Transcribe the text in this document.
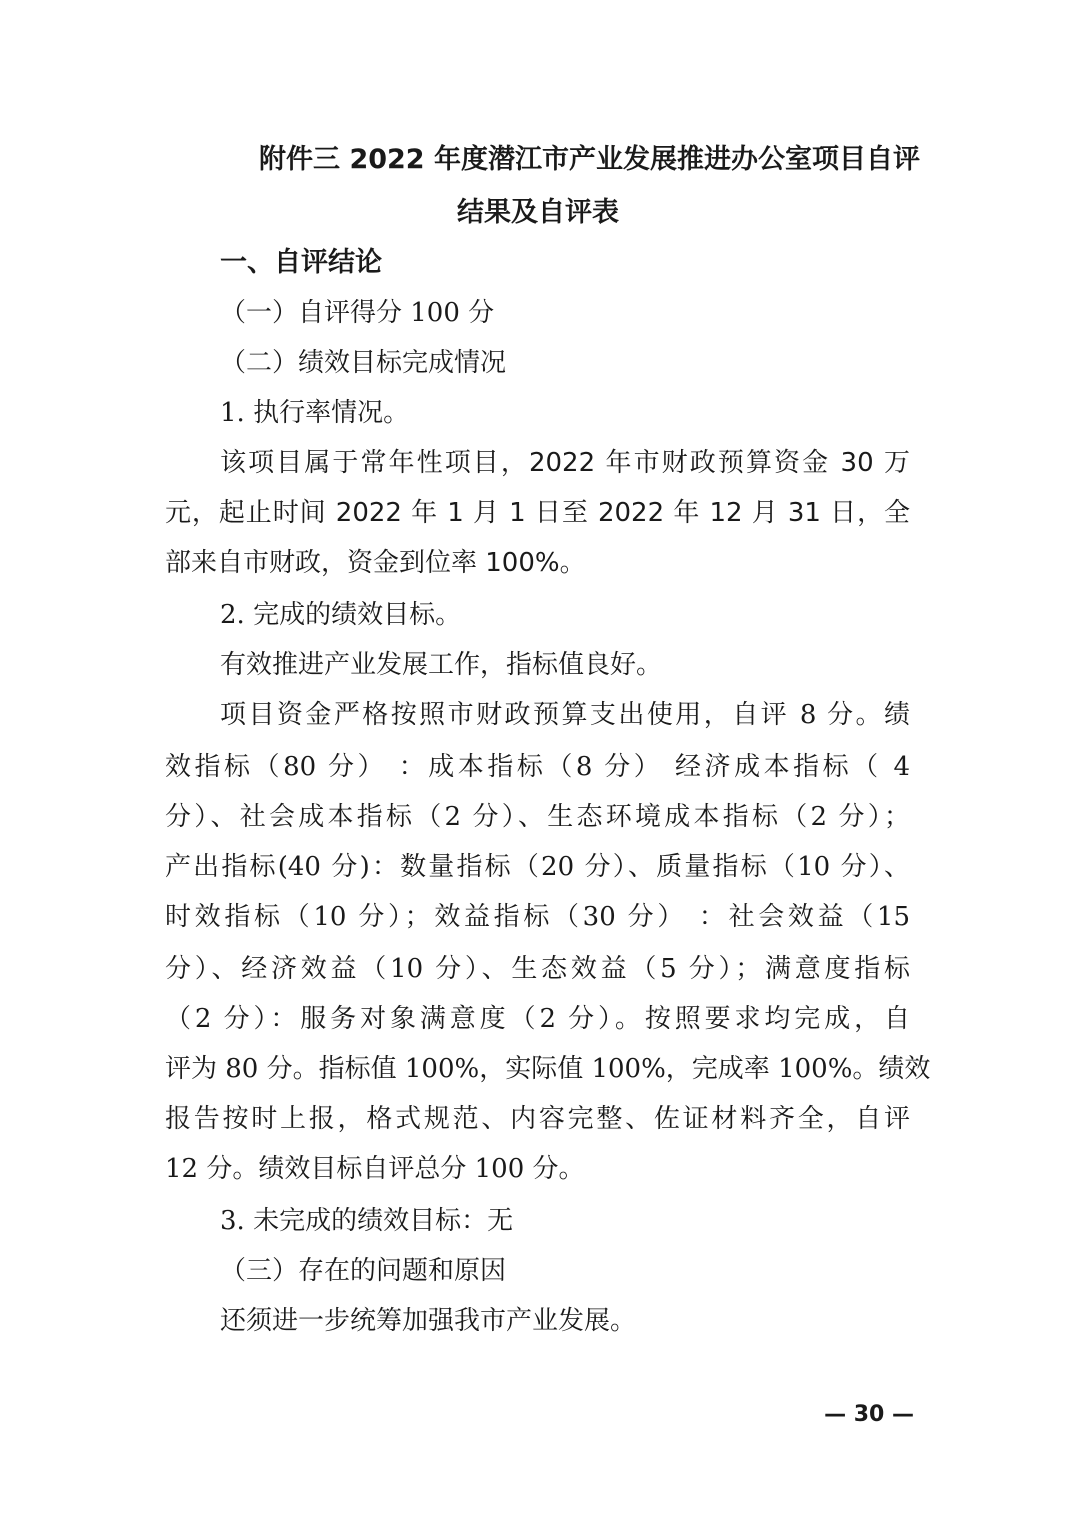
附件三 2022 年度潜江市产业发展推进办公室项目自评
结果及自评表
一、自评结论
（一）自评得分 100 分
（二）绩效目标完成情况
1. 执行率情况。
该项目属于常年性项目，2022 年市财政预算资金 30 万
元，起止时间 2022 年 1 月 1 日至 2022 年 12 月 31 日，全
部来自市财政，资金到位率 100%。
2. 完成的绩效目标。
有效推进产业发展工作，指标值良好。
项目资金严格按照市财政预算支出使用，自评 8 分。绩
效指标（80 分） ：成本指标（8 分） 经济成本指标（ 4
分）、社会成本指标（2 分）、生态环境成本指标（2 分）；
产出指标(40 分)：数量指标（20 分）、质量指标（10 分）、
时效指标（10 分）；效益指标（30 分） ：社会效益（15
分）、经济效益（10 分）、生态效益（5 分）；满意度指标
（2 分）：服务对象满意度（2 分）。按照要求均完成，自
评为 80 分。指标值 100%，实际值 100%，完成率 100%。绩效
报告按时上报，格式规范、内容完整、佐证材料齐全，自评
12 分。绩效目标自评总分 100 分。
3. 未完成的绩效目标：无
（三）存在的问题和原因
还须进一步统筹加强我市产业发展。
— 30 —
